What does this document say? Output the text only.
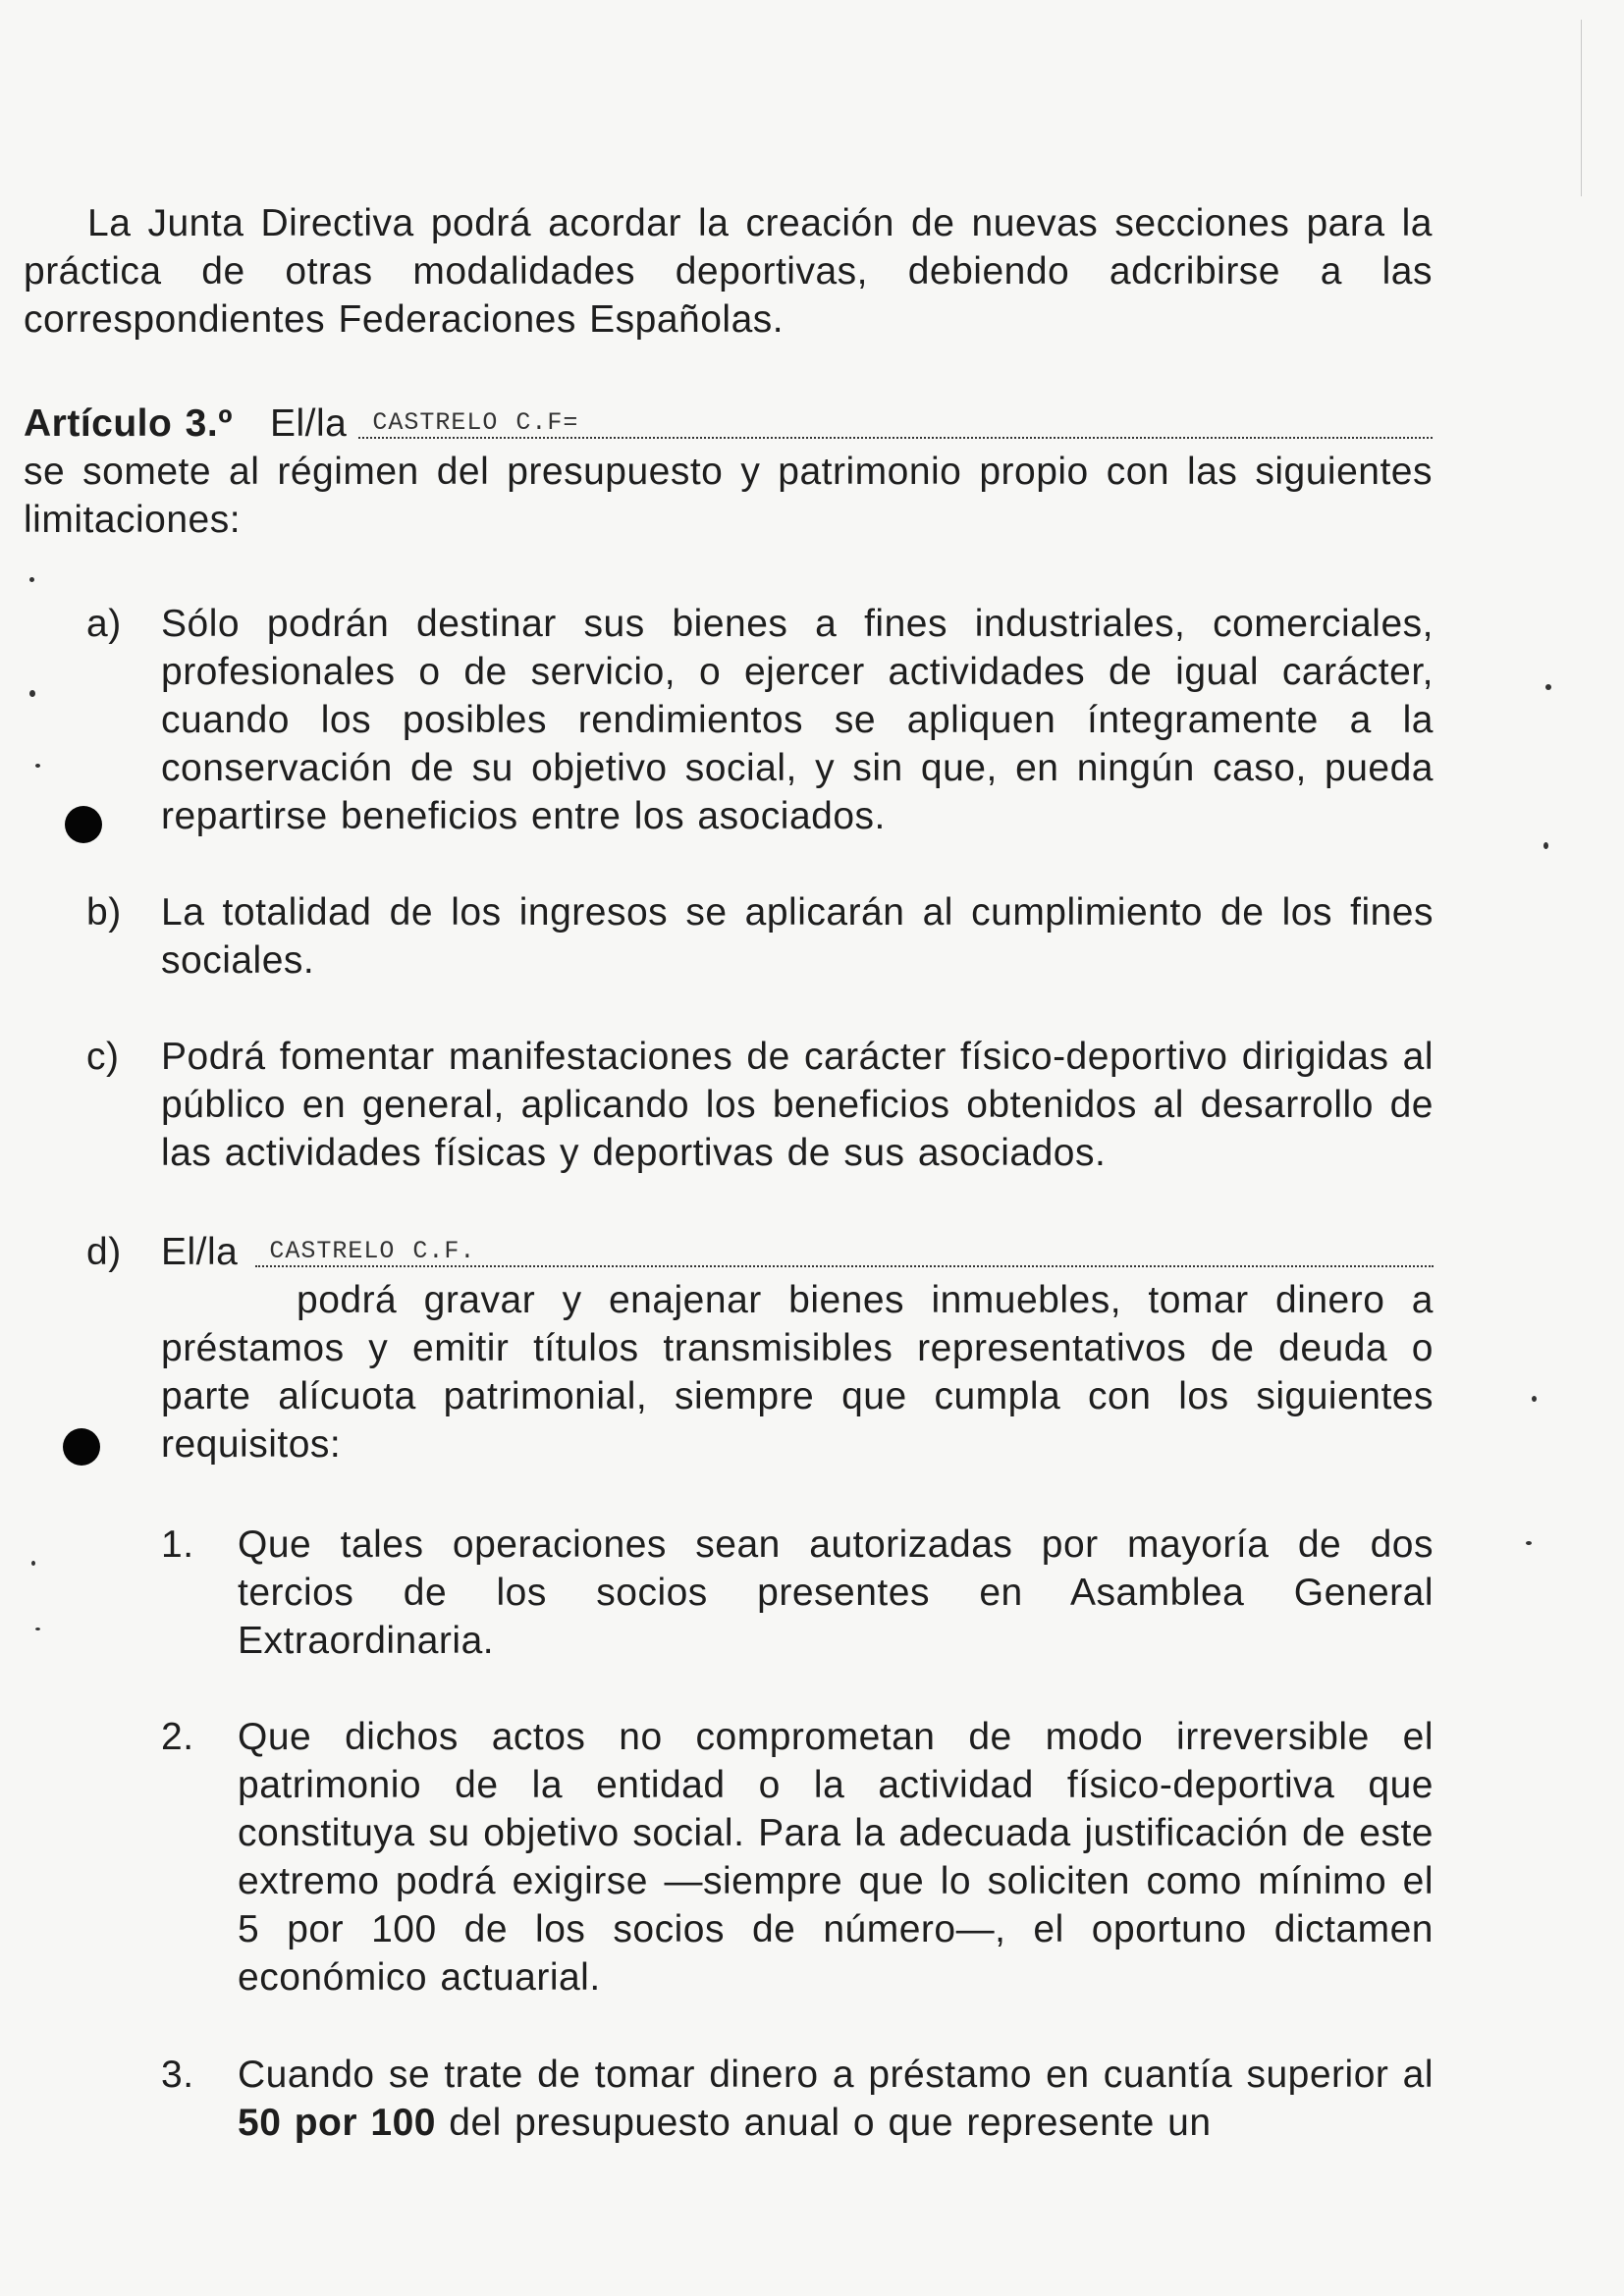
La Junta Directiva podrá acordar la creación de nuevas secciones para la práctica de otras modalidades deportivas, debiendo adcribirse a las correspondientes Federaciones Españolas.

Artículo 3.º El/la CASTRELO C.F=
se somete al régimen del presupuesto y patrimonio propio con las siguientes limitaciones:
a) Sólo podrán destinar sus bienes a fines industriales, comerciales, profesionales o de servicio, o ejercer actividades de igual carácter, cuando los posibles rendimientos se apliquen íntegramente a la conservación de su objetivo social, y sin que, en ningún caso, pueda repartirse beneficios entre los asociados.
b) La totalidad de los ingresos se aplicarán al cumplimiento de los fines sociales.
c) Podrá fomentar manifestaciones de carácter físico-deportivo dirigidas al público en general, aplicando los beneficios obtenidos al desarrollo de las actividades físicas y deportivas de sus asociados.
d) El/la CASTRELO C.F.
podrá gravar y enajenar bienes inmuebles, tomar dinero a préstamos y emitir títulos transmisibles representativos de deuda o parte alícuota patrimonial, siempre que cumpla con los siguientes requisitos:
1. Que tales operaciones sean autorizadas por mayoría de dos tercios de los socios presentes en Asamblea General Extraordinaria.
2. Que dichos actos no comprometan de modo irreversible el patrimonio de la entidad o la actividad físico-deportiva que constituya su objetivo social. Para la adecuada justificación de este extremo podrá exigirse —siempre que lo soliciten como mínimo el 5 por 100 de los socios de número—, el oportuno dictamen económico actuarial.
3. Cuando se trate de tomar dinero a préstamo en cuantía superior al 50 por 100 del presupuesto anual o que represente un
